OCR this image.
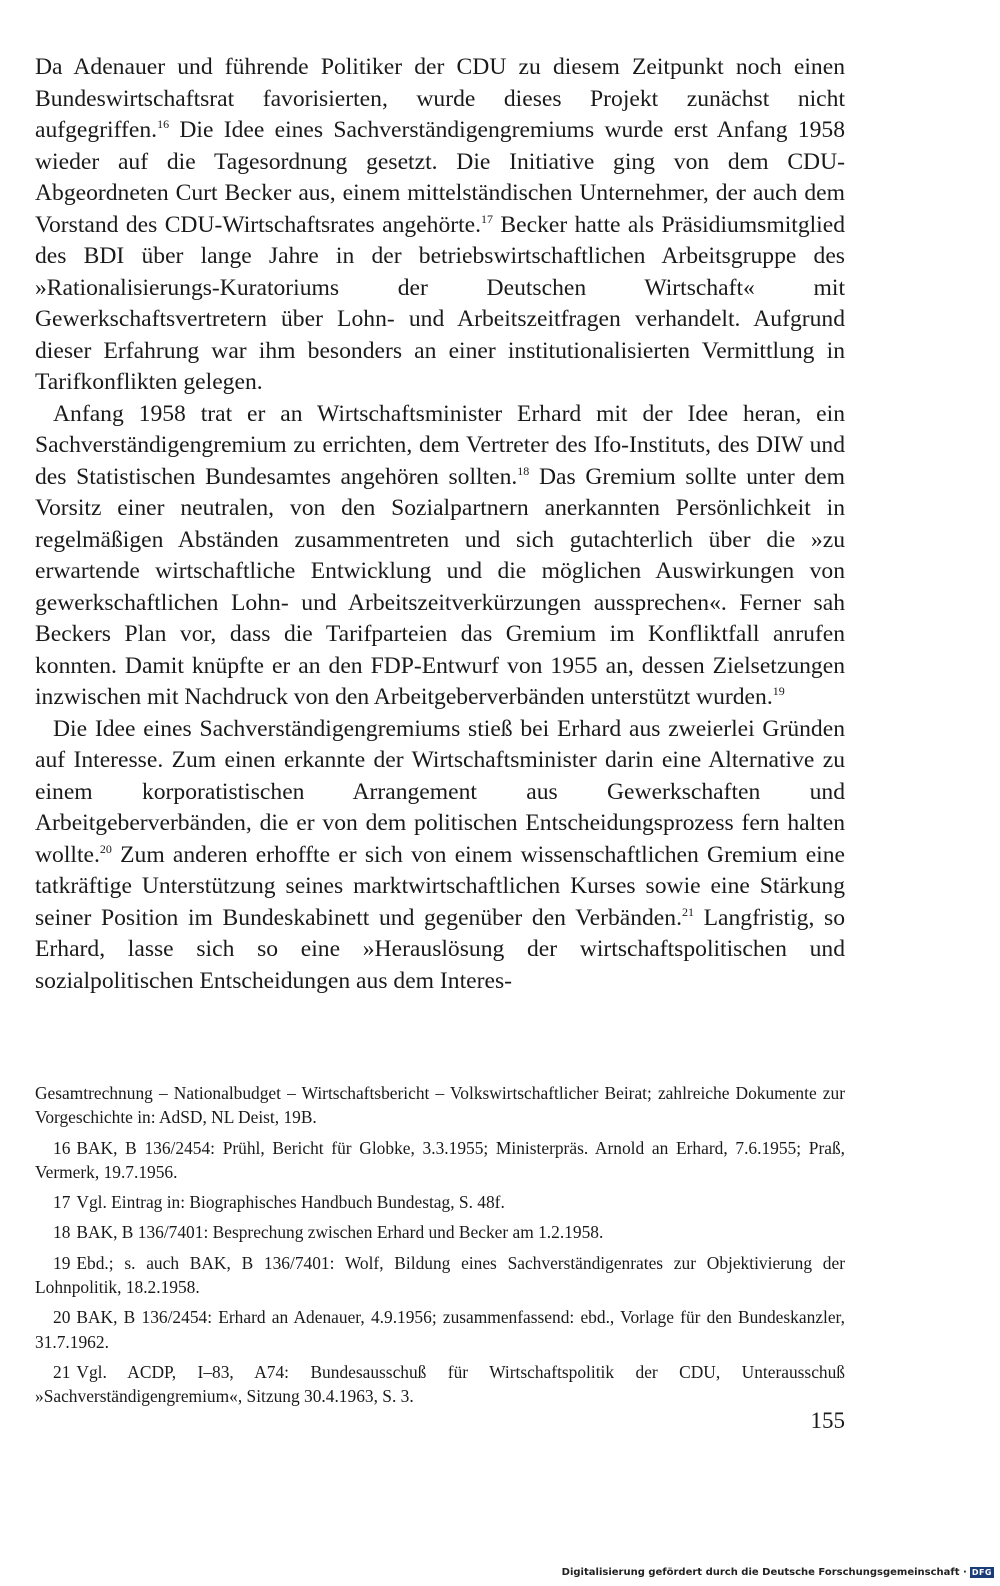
Da Adenauer und führende Politiker der CDU zu diesem Zeitpunkt noch einen Bundeswirtschaftsrat favorisierten, wurde dieses Projekt zunächst nicht aufgegriffen.$^{16}$ Die Idee eines Sachverständigengremiums wurde erst Anfang 1958 wieder auf die Tagesordnung gesetzt. Die Initiative ging von dem CDU-Abgeordneten Curt Becker aus, einem mittelständischen Unternehmer, der auch dem Vorstand des CDU-Wirtschaftsrates angehörte.$^{17}$ Becker hatte als Präsidiumsmitglied des BDI über lange Jahre in der betriebswirtschaftlichen Arbeitsgruppe des »Rationalisierungs-Kuratoriums der Deutschen Wirtschaft« mit Gewerkschaftsvertretern über Lohn- und Arbeitszeitfragen verhandelt. Aufgrund dieser Erfahrung war ihm besonders an einer institutionalisierten Vermittlung in Tarifkonflikten gelegen.

Anfang 1958 trat er an Wirtschaftsminister Erhard mit der Idee heran, ein Sachverständigengremium zu errichten, dem Vertreter des Ifo-Instituts, des DIW und des Statistischen Bundesamtes angehören sollten.$^{18}$ Das Gremium sollte unter dem Vorsitz einer neutralen, von den Sozialpartnern anerkannten Persönlichkeit in regelmäßigen Abständen zusammentreten und sich gutachterlich über die »zu erwartende wirtschaftliche Entwicklung und die möglichen Auswirkungen von gewerkschaftlichen Lohn- und Arbeitszeitverkürzungen aussprechen«. Ferner sah Beckers Plan vor, dass die Tarifparteien das Gremium im Konfliktfall anrufen konnten. Damit knüpfte er an den FDP-Entwurf von 1955 an, dessen Zielsetzungen inzwischen mit Nachdruck von den Arbeitgeberverbänden unterstützt wurden.$^{19}$

Die Idee eines Sachverständigengremiums stieß bei Erhard aus zweierlei Gründen auf Interesse. Zum einen erkannte der Wirtschaftsminister darin eine Alternative zu einem korporatistischen Arrangement aus Gewerkschaften und Arbeitgeberverbänden, die er von dem politischen Entscheidungsprozess fern halten wollte.$^{20}$ Zum anderen erhoffte er sich von einem wissenschaftlichen Gremium eine tatkräftige Unterstützung seines marktwirtschaftlichen Kurses sowie eine Stärkung seiner Position im Bundeskabinett und gegenüber den Verbänden.$^{21}$ Langfristig, so Erhard, lasse sich so eine »Herauslösung der wirtschaftspolitischen und sozialpolitischen Entscheidungen aus dem Interes-

Gesamtrechnung – Nationalbudget – Wirtschaftsbericht – Volkswirtschaftlicher Beirat; zahlreiche Dokumente zur Vorgeschichte in: AdSD, NL Deist, 19B.

16 BAK, B 136/2454: Prühl, Bericht für Globke, 3.3.1955; Ministerpräs. Arnold an Erhard, 7.6.1955; Praß, Vermerk, 19.7.1956.

17 Vgl. Eintrag in: Biographisches Handbuch Bundestag, S. 48f.

18 BAK, B 136/7401: Besprechung zwischen Erhard und Becker am 1.2.1958.

19 Ebd.; s. auch BAK, B 136/7401: Wolf, Bildung eines Sachverständigenrates zur Objektivierung der Lohnpolitik, 18.2.1958.

20 BAK, B 136/2454: Erhard an Adenauer, 4.9.1956; zusammenfassend: ebd., Vorlage für den Bundeskanzler, 31.7.1962.

21 Vgl. ACDP, I–83, A74: Bundesausschuß für Wirtschaftspolitik der CDU, Unterausschuß »Sachverständigengremium«, Sitzung 30.4.1963, S. 3.

155
Digitalisierung gefördert durch die Deutsche Forschungsgemeinschaft · DFG
